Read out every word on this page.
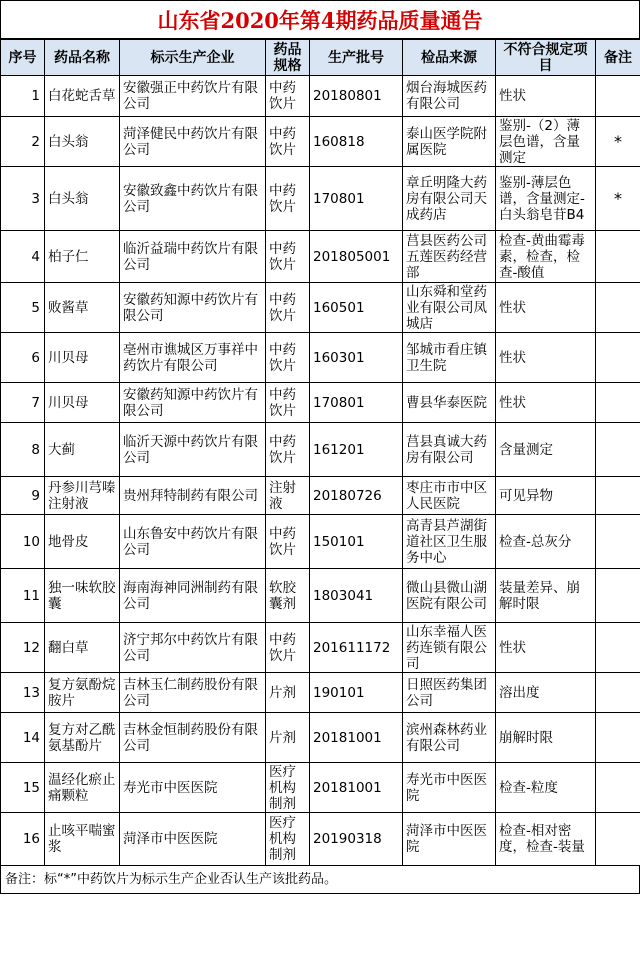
山东省2020年第4期药品质量通告
序号	药品名称	标示生产企业	药品规格	生产批号	检品来源	不符合规定项目	备注
1	白花蛇舌草	安徽强正中药饮片有限公司	中药饮片	20180801	烟台海城医药有限公司	性状	
2	白头翁	菏泽健民中药饮片有限公司	中药饮片	160818	泰山医学院附属医院	鉴别-（2）薄层色谱，含量测定	*
3	白头翁	安徽致鑫中药饮片有限公司	中药饮片	170801	章丘明隆大药房有限公司天成药店	鉴别-薄层色谱，含量测定-白头翁皂苷B4	*
4	柏子仁	临沂益瑞中药饮片有限公司	中药饮片	201805001	莒县医药公司五莲医药经营部	检查-黄曲霉毒素，检查，检查-酸值	
5	败酱草	安徽药知源中药饮片有限公司	中药饮片	160501	山东舜和堂药业有限公司凤城店	性状	
6	川贝母	亳州市谯城区万事祥中药饮片有限公司	中药饮片	160301	邹城市看庄镇卫生院	性状	
7	川贝母	安徽药知源中药饮片有限公司	中药饮片	170801	曹县华泰医院	性状	
8	大蓟	临沂天源中药饮片有限公司	中药饮片	161201	莒县真诚大药房有限公司	含量测定	
9	丹参川芎嗪注射液	贵州拜特制药有限公司	注射液	20180726	枣庄市市中区人民医院	可见异物	
10	地骨皮	山东鲁安中药饮片有限公司	中药饮片	150101	高青县芦湖街道社区卫生服务中心	检查-总灰分	
11	独一味软胶囊	海南海神同洲制药有限公司	软胶囊剂	1803041	微山县微山湖医院有限公司	装量差异、崩解时限	
12	翻白草	济宁邦尔中药饮片有限公司	中药饮片	201611172	山东幸福人医药连锁有限公司	性状	
13	复方氨酚烷胺片	吉林玉仁制药股份有限公司	片剂	190101	日照医药集团公司	溶出度	
14	复方对乙酰氨基酚片	吉林金恒制药股份有限公司	片剂	20181001	滨州森林药业有限公司	崩解时限	
15	温经化瘀止痛颗粒	寿光市中医医院	医疗机构制剂	20181001	寿光市中医医院	检查-粒度	
16	止咳平喘蜜浆	菏泽市中医医院	医疗机构制剂	20190318	菏泽市中医医院	检查-相对密度，检查-装量	
备注：标“*”中药饮片为标示生产企业否认生产该批药品。
